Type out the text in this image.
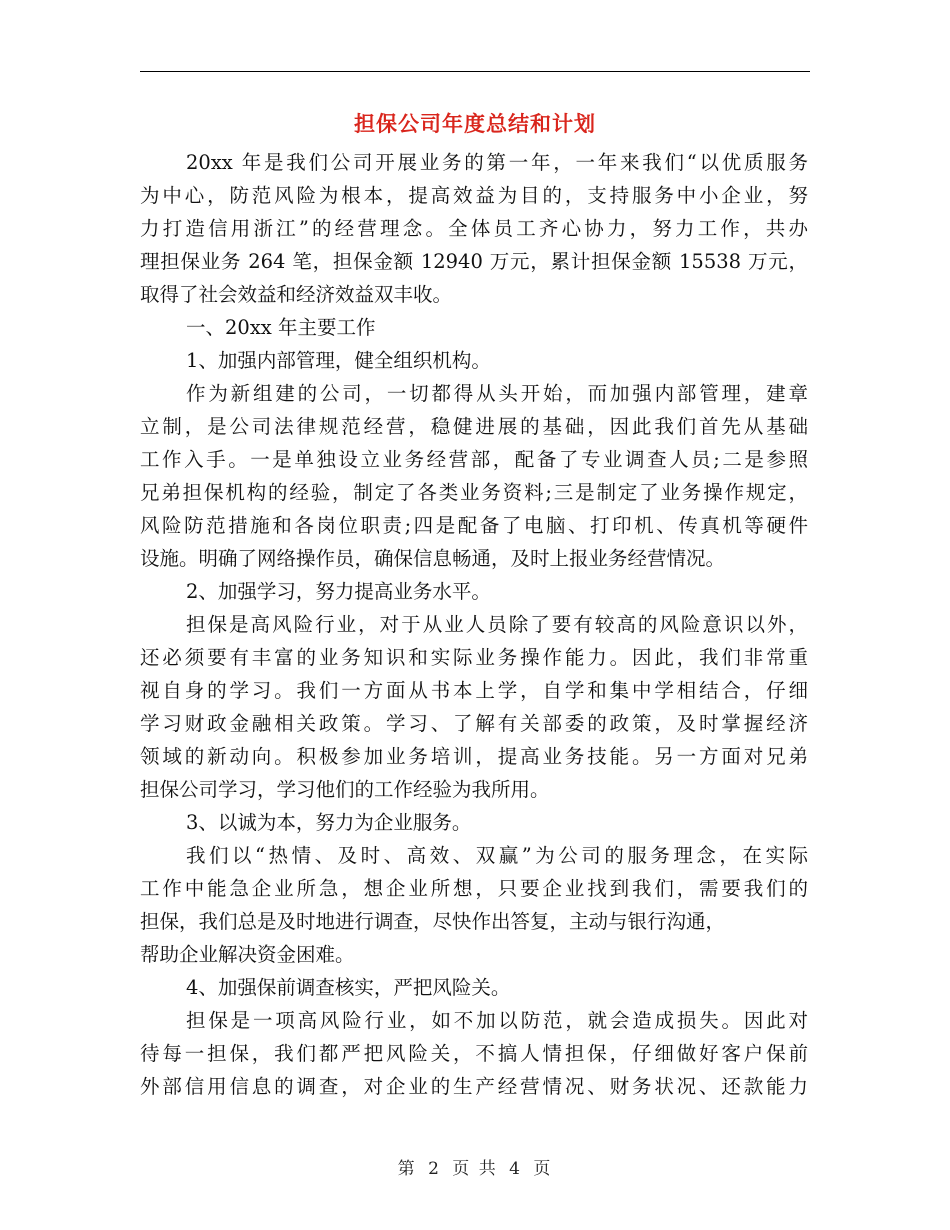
担保公司年度总结和计划
20xx 年是我们公司开展业务的第一年，一年来我们“以优质服务
为中心，防范风险为根本，提高效益为目的，支持服务中小企业，努
力打造信用浙江”的经营理念。全体员工齐心协力，努力工作，共办
理担保业务 264 笔，担保金额 12940 万元，累计担保金额 15538 万元，
取得了社会效益和经济效益双丰收。
一、20xx 年主要工作
1、加强内部管理，健全组织机构。
作为新组建的公司，一切都得从头开始，而加强内部管理，建章
立制，是公司法律规范经营，稳健进展的基础，因此我们首先从基础
工作入手。一是单独设立业务经营部，配备了专业调查人员;二是参照
兄弟担保机构的经验，制定了各类业务资料;三是制定了业务操作规定，
风险防范措施和各岗位职责;四是配备了电脑、打印机、传真机等硬件
设施。明确了网络操作员，确保信息畅通，及时上报业务经营情况。
2、加强学习，努力提高业务水平。
担保是高风险行业，对于从业人员除了要有较高的风险意识以外，
还必须要有丰富的业务知识和实际业务操作能力。因此，我们非常重
视自身的学习。我们一方面从书本上学，自学和集中学相结合，仔细
学习财政金融相关政策。学习、了解有关部委的政策，及时掌握经济
领域的新动向。积极参加业务培训，提高业务技能。另一方面对兄弟
担保公司学习，学习他们的工作经验为我所用。
3、以诚为本，努力为企业服务。
我们以“热情、及时、高效、双赢”为公司的服务理念，在实际
工作中能急企业所急，想企业所想，只要企业找到我们，需要我们的
担保，我们总是及时地进行调查，尽快作出答复，主动与银行沟通，
帮助企业解决资金困难。
4、加强保前调查核实，严把风险关。
担保是一项高风险行业，如不加以防范，就会造成损失。因此对
待每一担保，我们都严把风险关，不搞人情担保，仔细做好客户保前
外部信用信息的调查，对企业的生产经营情况、财务状况、还款能力
第 2 页 共 4 页
